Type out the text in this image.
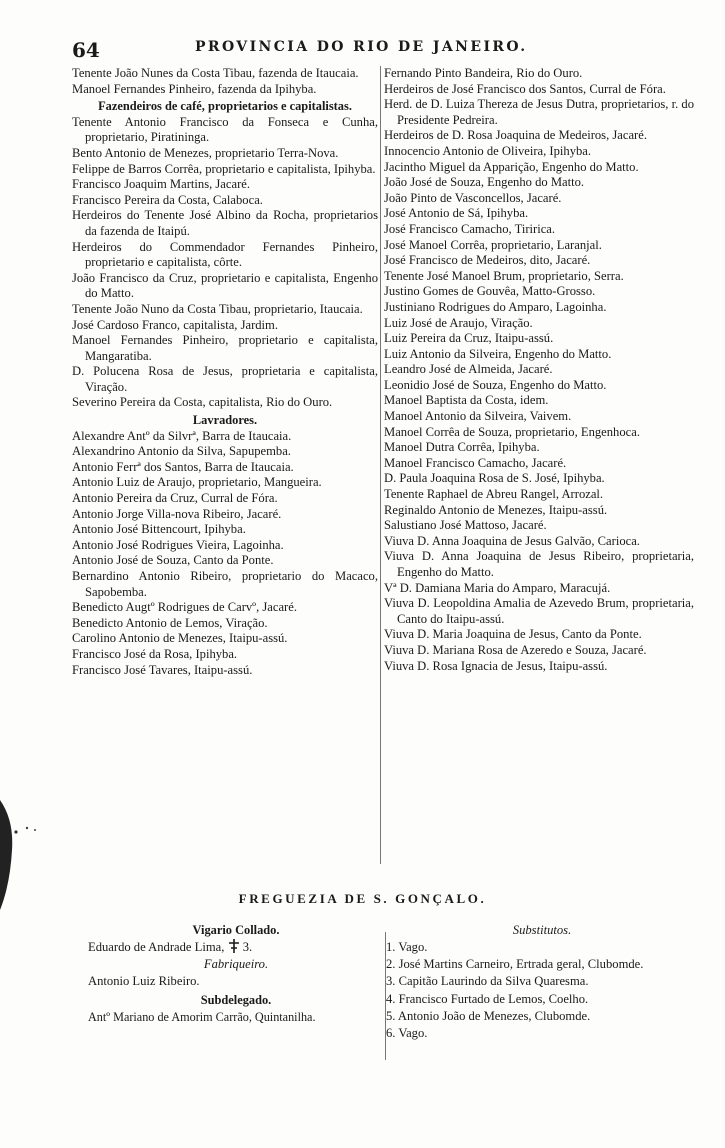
64	PROVINCIA DO RIO DE JANEIRO.

Tenente João Nunes da Costa Tibau, fazenda de Itaucaia.

Manoel Fernandes Pinheiro, fazenda da Ipihyba.

Fazendeiros de café, proprietarios e capitalistas.

Tenente Antonio Francisco da Fonseca e Cunha, proprietario, Piratininga.

Bento Antonio de Menezes, proprietario Terra-Nova.

Felippe de Barros Corrêa, proprietario e capitalista, Ipihyba.

Francisco Joaquim Martins, Jacaré.

Francisco Pereira da Costa, Calaboca.

Herdeiros do Tenente José Albino da Rocha, proprietarios da fazenda de Itaipú.

Herdeiros do Commendador Fernandes Pinheiro, proprietario e capitalista, côrte.

João Francisco da Cruz, proprietario e capitalista, Engenho do Matto.

Tenente João Nuno da Costa Tibau, proprietario, Itaucaia.

José Cardoso Franco, capitalista, Jardim.

Manoel Fernandes Pinheiro, proprietario e capitalista, Mangaratiba.

D. Polucena Rosa de Jesus, proprietaria e capitalista, Viração.

Severino Pereira da Costa, capitalista, Rio do Ouro.

Lavradores.

Alexandre Antº da Silvrª, Barra de Itaucaia.

Alexandrino Antonio da Silva, Sapupemba.

Antonio Ferrª dos Santos, Barra de Itaucaia.

Antonio Luiz de Araujo, proprietario, Mangueira.

Antonio Pereira da Cruz, Curral de Fóra.

Antonio Jorge Villa-nova Ribeiro, Jacaré.

Antonio José Bittencourt, Ipihyba.

Antonio José Rodrigues Vieira, Lagoinha.

Antonio José de Souza, Canto da Ponte.

Bernardino Antonio Ribeiro, proprietario do Macaco, Sapobemba.

Benedicto Augtº Rodrigues de Carvº, Jacaré.

Benedicto Antonio de Lemos, Viração.

Carolino Antonio de Menezes, Itaipu-assú.

Francisco José da Rosa, Ipihyba.

Francisco José Tavares, Itaipu-assú.

Fernando Pinto Bandeira, Rio do Ouro.

Herdeiros de José Francisco dos Santos, Curral de Fóra.

Herd. de D. Luiza Thereza de Jesus Dutra, proprietarios, r. do Presidente Pedreira.

Herdeiros de D. Rosa Joaquina de Medeiros, Jacaré.

Innocencio Antonio de Oliveira, Ipihyba.

Jacintho Miguel da Apparição, Engenho do Matto.

João José de Souza, Engenho do Matto.

João Pinto de Vasconcellos, Jacaré.

José Antonio de Sá, Ipihyba.

José Francisco Camacho, Tiririca.

José Manoel Corrêa, proprietario, Laranjal.

José Francisco de Medeiros, dito, Jacaré.

Tenente José Manoel Brum, proprietario, Serra.

Justino Gomes de Gouvêa, Matto-Grosso.

Justiniano Rodrigues do Amparo, Lagoinha.

Luiz José de Araujo, Viração.

Luiz Pereira da Cruz, Itaipu-assú.

Luiz Antonio da Silveira, Engenho do Matto.

Leandro José de Almeida, Jacaré.

Leonidio José de Souza, Engenho do Matto.

Manoel Baptista da Costa, idem.

Manoel Antonio da Silveira, Vaivem.

Manoel Corrêa de Souza, proprietario, Engenhoca.

Manoel Dutra Corrêa, Ipihyba.

Manoel Francisco Camacho, Jacaré.

D. Paula Joaquina Rosa de S. José, Ipihyba.

Tenente Raphael de Abreu Rangel, Arrozal.

Reginaldo Antonio de Menezes, Itaipu-assú.

Salustiano José Mattoso, Jacaré.

Viuva D. Anna Joaquina de Jesus Galvão, Carioca.

Viuva D. Anna Joaquina de Jesus Ribeiro, proprietaria, Engenho do Matto.

Vª D. Damiana Maria do Amparo, Maracujá.

Viuva D. Leopoldina Amalia de Azevedo Brum, proprietaria, Canto do Itaipu-assú.

Viuva D. Maria Joaquina de Jesus, Canto da Ponte.

Viuva D. Mariana Rosa de Azeredo e Souza, Jacaré.

Viuva D. Rosa Ignacia de Jesus, Itaipu-assú.

FREGUEZIA DE S. GONÇALO.

Vigario Collado.

Eduardo de Andrade Lima, 3.

Fabriqueiro.

Antonio Luiz Ribeiro.

Subdelegado.

Antº Mariano de Amorim Carrão, Quintanilha.

Substitutos.

1. Vago.

2. José Martins Carneiro, Ertrada geral, Clubomde.

3. Capitão Laurindo da Silva Quaresma.

4. Francisco Furtado de Lemos, Coelho.

5. Antonio João de Menezes, Clubomde.

6. Vago.
